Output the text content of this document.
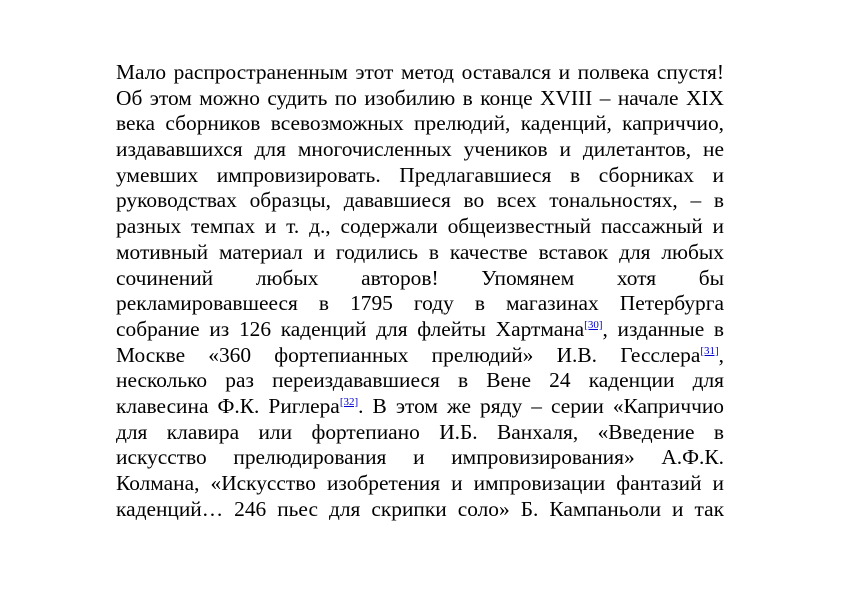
Мало распространенным этот метод оставался и полвека спустя!
Об этом можно судить по изобилию в конце XVIII – начале XIX
века сборников всевозможных прелюдий, каденций, каприччио,
издававшихся для многочисленных учеников и дилетантов, не
умевших импровизировать. Предлагавшиеся в сборниках и
руководствах образцы, дававшиеся во всех тональностях, – в
разных темпах и т. д., содержали общеизвестный пассажный и
мотивный материал и годились в качестве вставок для любых
сочинений любых авторов! Упомянем хотя бы
рекламировавшееся в 1795 году в магазинах Петербурга
собрание из 126 каденций для флейты Хартмана[30], изданные в
Москве «360 фортепианных прелюдий» И.В. Гесслера[31],
несколько раз переиздававшиеся в Вене 24 каденции для
клавесина Ф.К. Риглера[32]. В этом же ряду – серии «Каприччио
для клавира или фортепиано И.Б. Ванхаля, «Введение в
искусство прелюдирования и импровизирования» А.Ф.К.
Колмана, «Искусство изобретения и импровизации фантазий и
каденций… 246 пьес для скрипки соло» Б. Кампаньоли и так
